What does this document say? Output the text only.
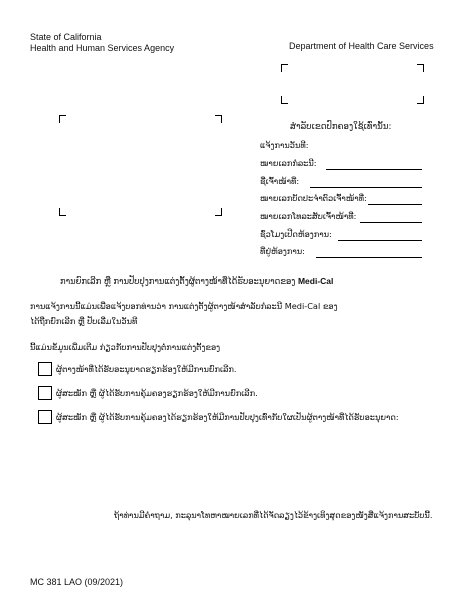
State of California
Health and Human Services Agency	Department of Health Care Services
ສໍາລັບເຂດປົກຄອງໃຊ້ເທົ່ານັ້ນ:
ແຈ້ງການວັນທີ:
ໝາຍເລກກໍລະນີ:
ຊື່ເຈົ້າໜ້າທີ່:
ໝາຍເລກບັດປະຈໍາຕົວເຈົ້າໜ້າທີ່:
ໝາຍເລກໂທລະສັບເຈົ້າໜ້າທີ່:
ຊົ່ວໂມງເປີດຫ້ອງການ:
ທີ່ຢູ່ຫ້ອງການ:
ການຍົກເລີກ ຫຼື ການປັບປຸງການແຕ່ງຕັ້ງຜູ້ຕາງໜ້າທີ່ໄດ້ຮັບອະນຸຍາດຂອງ Medi-Cal
ການແຈ້ງການນີ້ແມ່ນເພື່ອແຈ້ງບອກທ່ານວ່າ ການແຕ່ງຕັ້ງຜູ້ຕາງໜ້າສໍາລັບກໍລະນີ Medi-Cal ຂອງ
ໄດ້ຖືກຍົກເລີກ ຫຼື ປັບເລີ່ມໃນວັນທີ
ນີ້ແມ່ນຂໍ້ມູນເພີ່ມເຕີມ ກ່ຽວກັບການປັບປຸງຕໍ່ການແຕ່ງຕັ້ງຂອງ
ຜູ້ຕາງໜ້າທີ່ໄດ້ຮັບອະນຸຍາດຮຽກຮ້ອງໃຫ້ມີການຍົກເລີກ.
ຜູ້ສະໝັກ ຫຼື ຜູ້ໄດ້ຮັບການຄຸ້ມຄອງຮຽກຮ້ອງໃຫ້ມີການຍົກເລີກ.
ຜູ້ສະໝັກ ຫຼື ຜູ້ໄດ້ຮັບການຄຸ້ມຄອງໄດ້ຮຽກຮ້ອງໃຫ້ມີການປັບປຸງເທົ່າກັບໃຜເປັນຜູ້ຕາງໜ້າທີ່ໄດ້ຮັບອະນຸຍາດ:
ຖ້າທ່ານມີຄໍາຖາມ, ກະລຸນາໂທຫາໝາຍເລກທີ່ໄດ້ຈັດລຽງໄວ້ຂ້າງເທິງສຸດຂອງໜັງສືແຈ້ງການສະບັບນີ້.
MC 381 LAO (09/2021)
